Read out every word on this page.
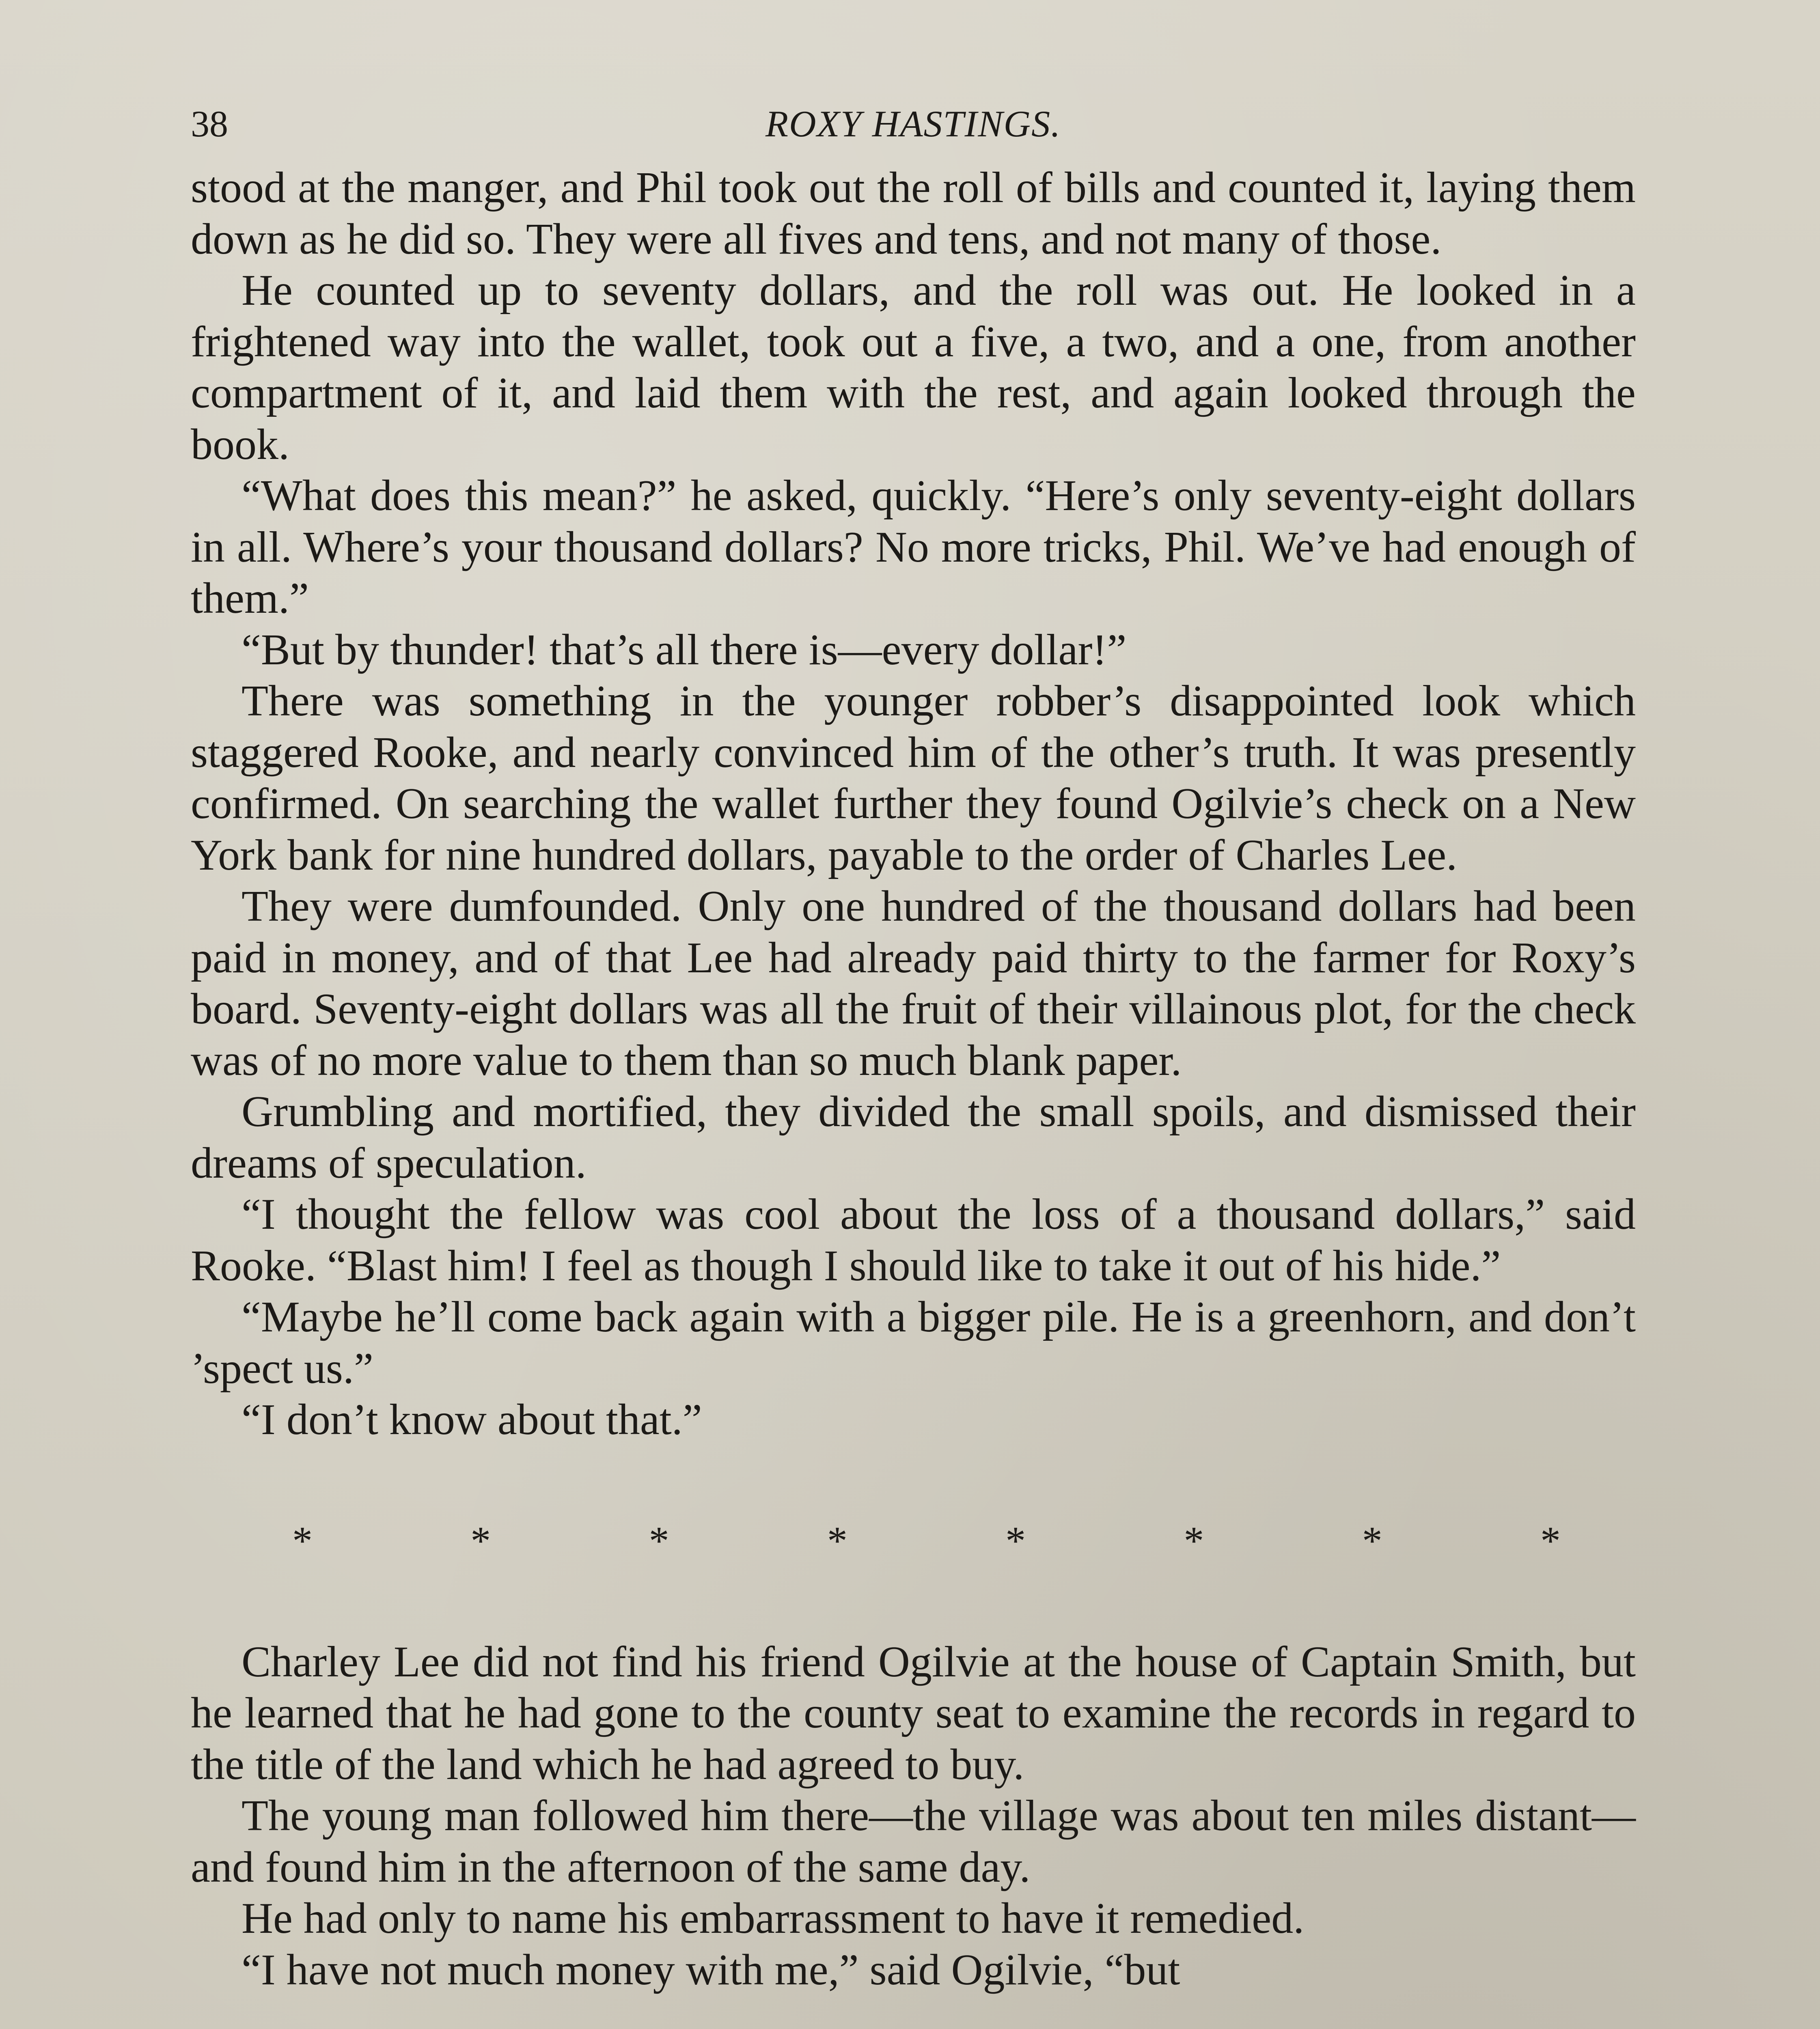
38	ROXY HASTINGS.

stood at the manger, and Phil took out the roll of bills and counted it, laying them down as he did so. They were all fives and tens, and not many of those.

He counted up to seventy dollars, and the roll was out. He looked in a frightened way into the wallet, took out a five, a two, and a one, from another compartment of it, and laid them with the rest, and again looked through the book.

“What does this mean?” he asked, quickly. “Here’s only seventy-eight dollars in all. Where’s your thousand dollars? No more tricks, Phil. We’ve had enough of them.”

“But by thunder! that’s all there is—every dollar!”

There was something in the younger robber’s disappointed look which staggered Rooke, and nearly convinced him of the other’s truth. It was presently confirmed. On searching the wallet further they found Ogilvie’s check on a New York bank for nine hundred dollars, payable to the order of Charles Lee.

They were dumfounded. Only one hundred of the thousand dollars had been paid in money, and of that Lee had already paid thirty to the farmer for Roxy’s board. Seventy-eight dollars was all the fruit of their villainous plot, for the check was of no more value to them than so much blank paper.

Grumbling and mortified, they divided the small spoils, and dismissed their dreams of speculation.

“I thought the fellow was cool about the loss of a thousand dollars,” said Rooke. “Blast him! I feel as though I should like to take it out of his hide.”

“Maybe he’ll come back again with a bigger pile. He is a greenhorn, and don’t ’spect us.”

“I don’t know about that.”

*	*	*	*	*	*	*	*

Charley Lee did not find his friend Ogilvie at the house of Captain Smith, but he learned that he had gone to the county seat to examine the records in regard to the title of the land which he had agreed to buy.

The young man followed him there—the village was about ten miles distant—and found him in the afternoon of the same day.

He had only to name his embarrassment to have it remedied.

“I have not much money with me,” said Ogilvie, “but
